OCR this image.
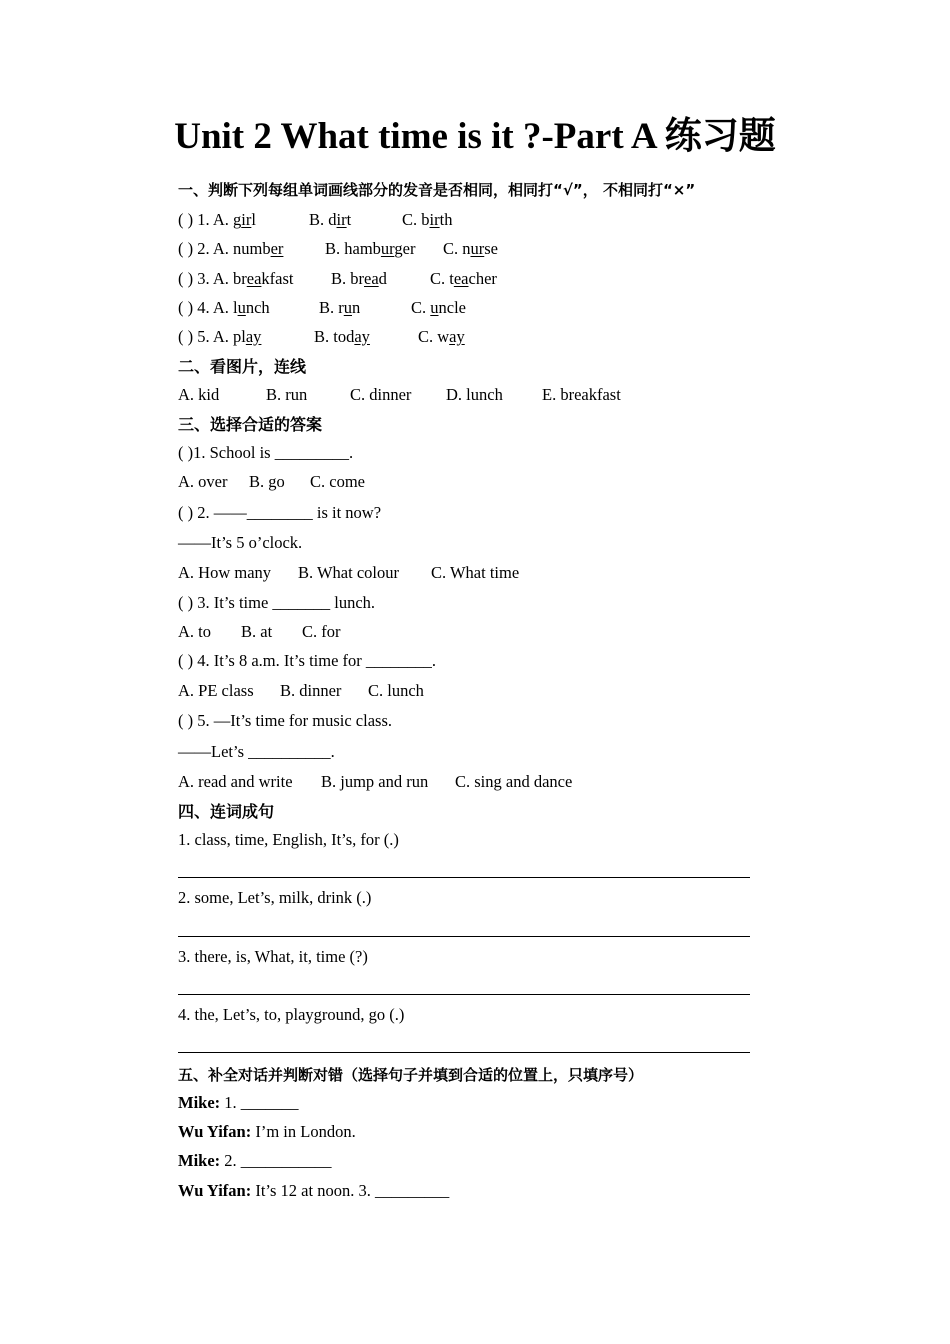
Unit 2 What time is it ?-Part A 练习题
一、判断下列每组单词画线部分的发音是否相同，相同打“√”， 不相同打“×”
( ) 1. A. girl	B. dirt	C. birth
( ) 2. A. number	B. hamburger C. nurse
( ) 3. A. breakfast B. bread	C. teacher
( ) 4. A. lunch	B. run	C. uncle
( ) 5. A. play	B. today	C. way
二、看图片，连线
A. kid	B. run	C. dinner D. lunch E. breakfast
三、选择合适的答案
( )1. School is _________.
A. over B. go C. come
( ) 2. ——________ is it now?
——It’s 5 o’clock.
A. How many B. What colour C. What time
( ) 3. It’s time _______ lunch.
A. to B. at C. for
( ) 4. It’s 8 a.m. It’s time for ________.
A. PE class B. dinner C. lunch
( ) 5. —It’s time for music class.
——Let’s __________.
A. read and write B. jump and run C. sing and dance
四、连词成句
1. class, time, English, It’s, for (.)
2. some, Let’s, milk, drink (.)
3. there, is, What, it, time (?)
4. the, Let’s, to, playground, go (.)
五、补全对话并判断对错（选择句子并填到合适的位置上，只填序号）
Mike: 1. _______
Wu Yifan: I’m in London.
Mike: 2. ___________
Wu Yifan: It’s 12 at noon. 3. _________
